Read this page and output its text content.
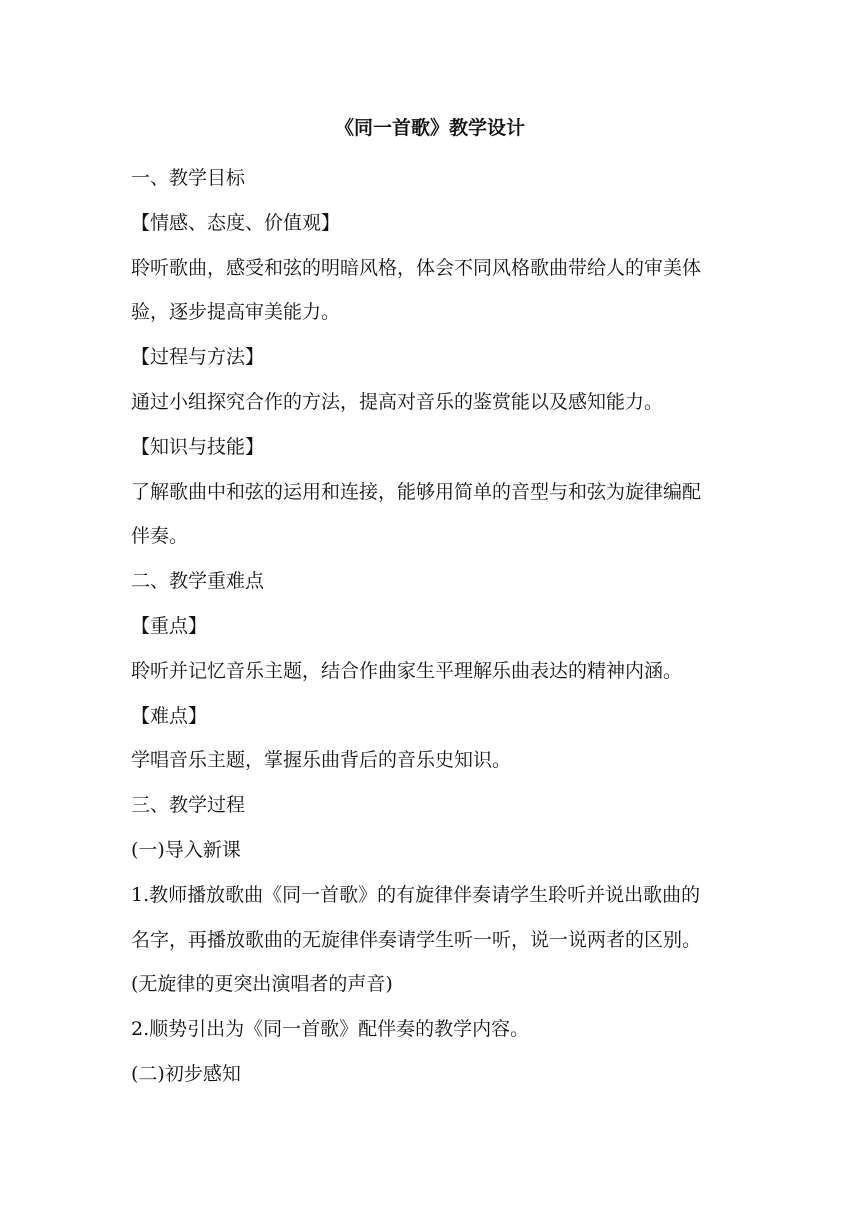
《同一首歌》教学设计

一、教学目标

【情感、态度、价值观】

聆听歌曲，感受和弦的明暗风格，体会不同风格歌曲带给人的审美体

验，逐步提高审美能力。

【过程与方法】

通过小组探究合作的方法，提高对音乐的鉴赏能以及感知能力。

【知识与技能】

了解歌曲中和弦的运用和连接，能够用简单的音型与和弦为旋律编配

伴奏。

二、教学重难点

【重点】

聆听并记忆音乐主题，结合作曲家生平理解乐曲表达的精神内涵。

【难点】

学唱音乐主题，掌握乐曲背后的音乐史知识。

三、教学过程

(一)导入新课

1.教师播放歌曲《同一首歌》的有旋律伴奏请学生聆听并说出歌曲的

名字，再播放歌曲的无旋律伴奏请学生听一听，说一说两者的区别。

(无旋律的更突出演唱者的声音)

2.顺势引出为《同一首歌》配伴奏的教学内容。

(二)初步感知
